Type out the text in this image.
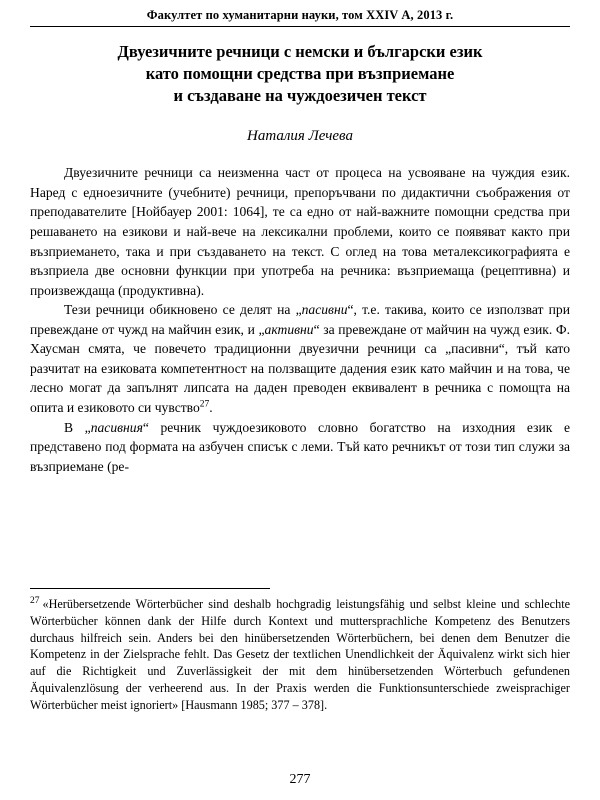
Факултет по хуманитарни науки, том XXIV А, 2013 г.
Двуезичните речници с немски и български език
като помощни средства при възприемане
и създаване на чуждоезичен текст
Наталия Лечева

Двуезичните речници са неизменна част от процеса на усвояване на чуждия език. Наред с едноезичните (учебните) речници, препоръчвани по дидактични съображения от преподавателите [Нойбауер 2001: 1064], те са едно от най-важните помощни средства при решаването на езикови и най-вече на лексикални проблеми, които се появяват както при възприемането, така и при създаването на текст. С оглед на това металексикографията е възприела две основни функции при употреба на речника: възприемаща (рецептивна) и произвеждаща (продуктивна).

Тези речници обикновено се делят на „пасивни“, т.е. такива, които се използват при превеждане от чужд на майчин език, и „активни“ за превеждане от майчин на чужд език. Ф. Хаусман смята, че повечето традиционни двуезични речници са „пасивни“, тъй като разчитат на езиковата компетентност на ползващите дадения език като майчин и на това, че лесно могат да запълнят липсата на даден преводен еквивалент в речника с помощта на опита и езиковото си чувство$^{27}$.

В „пасивния“ речник чуждоезиковото словно богатство на изходния език е представено под формата на азбучен списък с леми. Тъй като речникът от този тип служи за възприемане (ре-

$^{27}$ «Herübersetzende Wörterbücher sind deshalb hochgradig leistungsfähig und selbst kleine und schlechte Wörterbücher können dank der Hilfe durch Kontext und muttersprachliche Kompetenz des Benutzers durchaus hilfreich sein. Anders bei den hinübersetzenden Wörterbüchern, bei denen dem Benutzer die Kompetenz in der Zielsprache fehlt. Das Gesetz der textlichen Unendlichkeit der Äquivalenz wirkt sich hier auf die Richtigkeit und Zuverlässigkeit der mit dem hinübersetzenden Wörterbuch gefundenen Äquivalenzlösung der verheerend aus. In der Praxis werden die Funktionsunterschiede zweisprachiger Wörterbücher meist ignoriert» [Hausmann 1985; 377 – 378].
277
